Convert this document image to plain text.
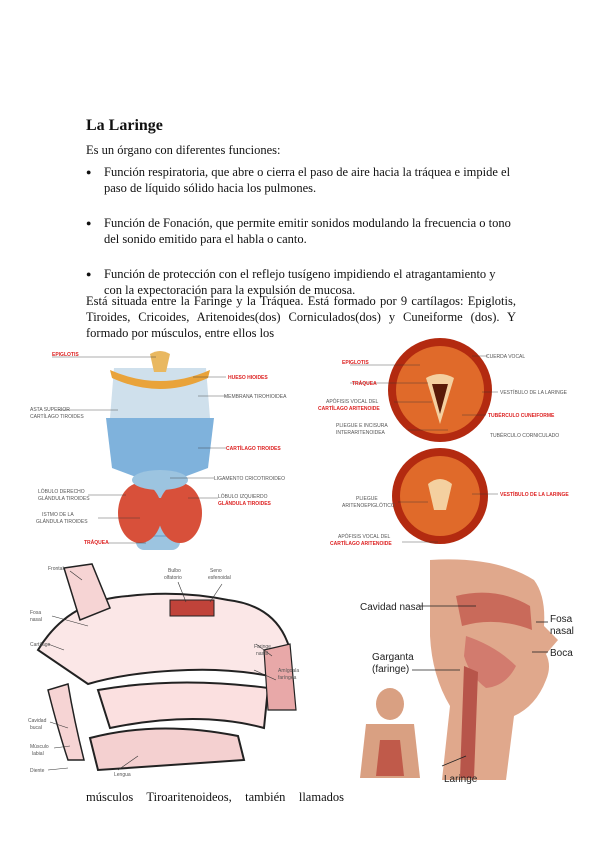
La Laringe
Es un órgano con diferentes funciones:
● Función respiratoria, que abre o cierra el paso de aire hacia la tráquea e impide el paso de líquido sólido hacia los pulmones.
● Función de Fonación, que permite emitir sonidos modulando la frecuencia o tono del sonido emitido para el habla o canto.
● Función de protección con el reflejo tusígeno impidiendo el atragantamiento y con la expectoración para la expulsión de mucosa.
Está situada entre la Faringe y la Tráquea. Está formado por 9 cartílagos: Epiglotis, Tiroides, Cricoides, Aritenoides(dos) Corniculados(dos) y Cuneiforme (dos). Y formado por músculos, entre ellos los
EPIGLOTIS
HUESO HIOIDES
MEMBRANA TIROHIOIDEA
ASTA SUPERIOR
CARTÍLAGO TIROIDES
CARTÍLAGO TIROIDES
LIGAMENTO CRICOTIROIDEO
LÓBULO DERECHO
GLÁNDULA TIROIDES	LÓBULO IZQUIERDO
GLÁNDULA TIROIDES
ISTMO DE LA
GLÁNDULA TIROIDES
TRÁQUEA
EPIGLOTIS
CUERDA VOCAL
TRÁQUEA
VESTÍBULO DE LA LARINGE
APÓFISIS VOCAL DEL
CARTÍLAGO ARITENOIDE
TUBÉRCULO CUNEIFORME
PLIEGUE E INCISURA
INTERARITENOIDEA	TUBÉRCULO CORNICULADO
PLIEGUE
ARITENOEPIGLÓTICO
VESTÍBULO DE LA LARINGE
APÓFISIS VOCAL DEL
CARTÍLAGO ARITENOIDE
Frontal	Bulbo
olfatorio
Seno
esfenoidal
Fosa
nasal
Cartílago	Faringe
nasal
Amígdala
faríngea
Cavidad
bucal
Músculo
labial
Diente
Lengua
Cavidad nasal
Fosa
nasal
Garganta
(faringe)
Boca
Laringe
músculos Tiroaritenoideos, también llamados
